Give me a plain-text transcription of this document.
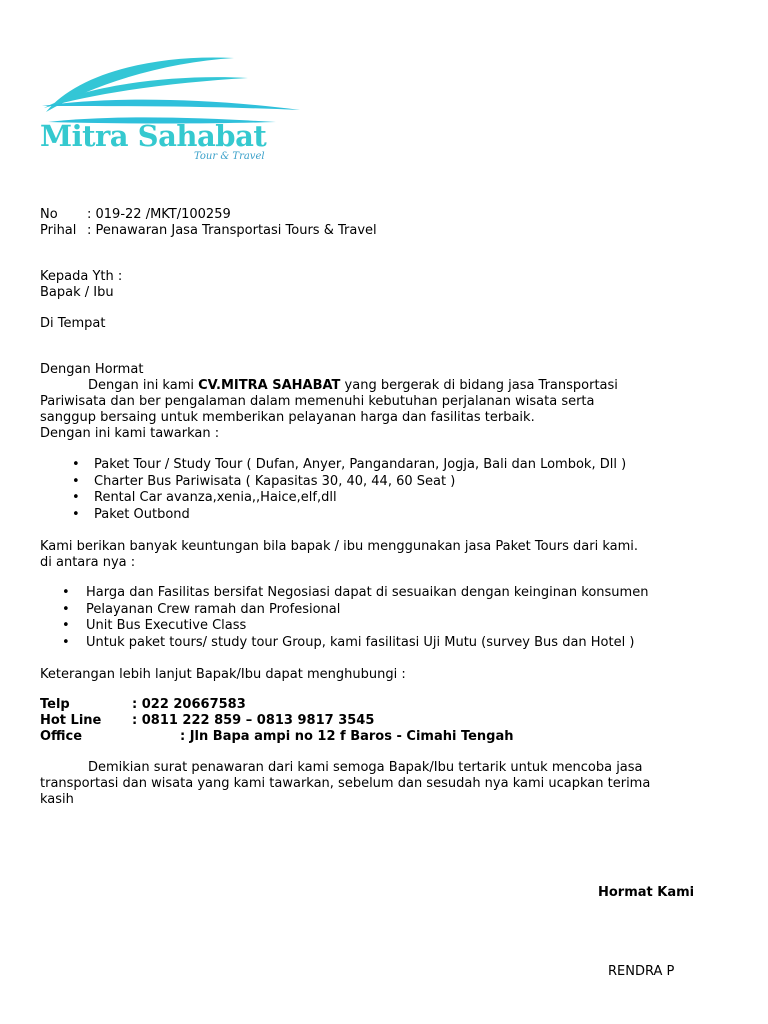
Mitra Sahabat
Tour & Travel
No : 019-22 /MKT/100259
Prihal : Penawaran Jasa Transportasi Tours & Travel
Kepada Yth :
Bapak / Ibu
Di Tempat
Dengan Hormat
Dengan ini kami CV.MITRA SAHABAT yang bergerak di bidang jasa Transportasi
Pariwisata dan ber pengalaman dalam memenuhi kebutuhan perjalanan wisata serta
sanggup bersaing untuk memberikan pelayanan harga dan fasilitas terbaik.
Dengan ini kami tawarkan :
• Paket Tour / Study Tour ( Dufan, Anyer, Pangandaran, Jogja, Bali dan Lombok, Dll )
• Charter Bus Pariwisata ( Kapasitas 30, 40, 44, 60 Seat )
• Rental Car avanza,xenia,,Haice,elf,dll
• Paket Outbond
Kami berikan banyak keuntungan bila bapak / ibu menggunakan jasa Paket Tours dari kami.
di antara nya :
• Harga dan Fasilitas bersifat Negosiasi dapat di sesuaikan dengan keinginan konsumen
• Pelayanan Crew ramah dan Profesional
• Unit Bus Executive Class
• Untuk paket tours/ study tour Group, kami fasilitasi Uji Mutu (survey Bus dan Hotel )
Keterangan lebih lanjut Bapak/Ibu dapat menghubungi :
Telp	: 022 20667583
Hot Line : 0811 222 859 – 0813 9817 3545
Office	: Jln Bapa ampi no 12 f Baros - Cimahi Tengah
Demikian surat penawaran dari kami semoga Bapak/Ibu tertarik untuk mencoba jasa
transportasi dan wisata yang kami tawarkan, sebelum dan sesudah nya kami ucapkan terima
kasih
Hormat Kami
RENDRA P
